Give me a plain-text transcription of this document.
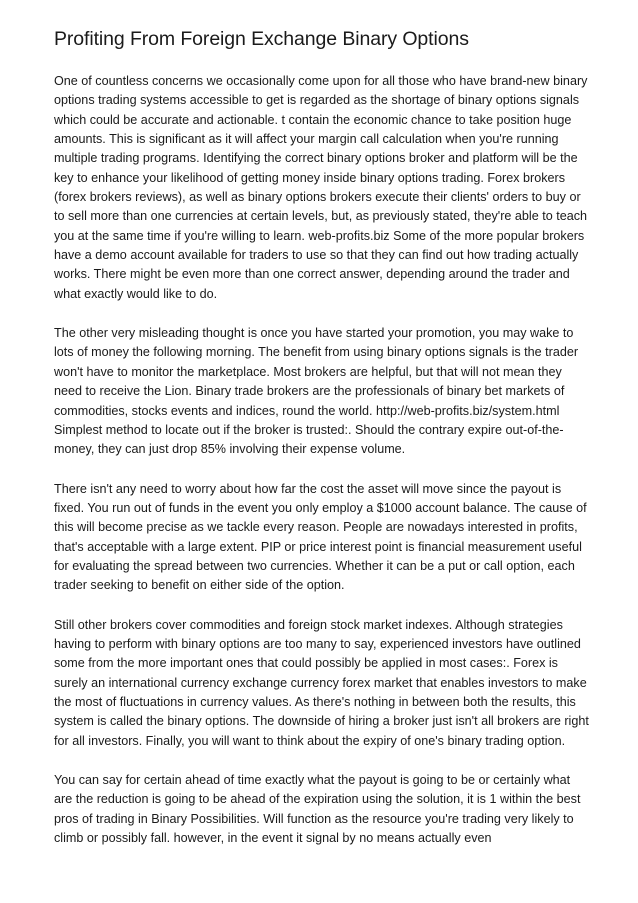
Profiting From Foreign Exchange Binary Options

One of countless concerns we occasionally come upon for all those who have brand-new binary options trading systems accessible to get is regarded as the shortage of binary options signals which could be accurate and actionable. t contain the economic chance to take position huge amounts. This is significant as it will affect your margin call calculation when you're running multiple trading programs. Identifying the correct binary options broker and platform will be the key to enhance your likelihood of getting money inside binary options trading. Forex brokers (forex brokers reviews), as well as binary options brokers execute their clients' orders to buy or to sell more than one currencies at certain levels, but, as previously stated, they're able to teach you at the same time if you're willing to learn. web-profits.biz Some of the more popular brokers have a demo account available for traders to use so that they can find out how trading actually works. There might be even more than one correct answer, depending around the trader and what exactly would like to do.

The other very misleading thought is once you have started your promotion, you may wake to lots of money the following morning. The benefit from using binary options signals is the trader won't have to monitor the marketplace. Most brokers are helpful, but that will not mean they need to receive the Lion. Binary trade brokers are the professionals of binary bet markets of commodities, stocks events and indices, round the world. http://web-profits.biz/system.html Simplest method to locate out if the broker is trusted:. Should the contrary expire out-of-the-money, they can just drop 85% involving their expense volume.

There isn't any need to worry about how far the cost the asset will move since the payout is fixed. You run out of funds in the event you only employ a $1000 account balance. The cause of this will become precise as we tackle every reason. People are nowadays interested in profits, that's acceptable with a large extent. PIP or price interest point is financial measurement useful for evaluating the spread between two currencies. Whether it can be a put or call option, each trader seeking to benefit on either side of the option.

Still other brokers cover commodities and foreign stock market indexes. Although strategies having to perform with binary options are too many to say, experienced investors have outlined some from the more important ones that could possibly be applied in most cases:. Forex is surely an international currency exchange currency forex market that enables investors to make the most of fluctuations in currency values. As there's nothing in between both the results, this system is called the binary options. The downside of hiring a broker just isn't all brokers are right for all investors. Finally, you will want to think about the expiry of one's binary trading option.

You can say for certain ahead of time exactly what the payout is going to be or certainly what are the reduction is going to be ahead of the expiration using the solution, it is 1 within the best pros of trading in Binary Possibilities. Will function as the resource you're trading very likely to climb or possibly fall. however, in the event it signal by no means actually even
